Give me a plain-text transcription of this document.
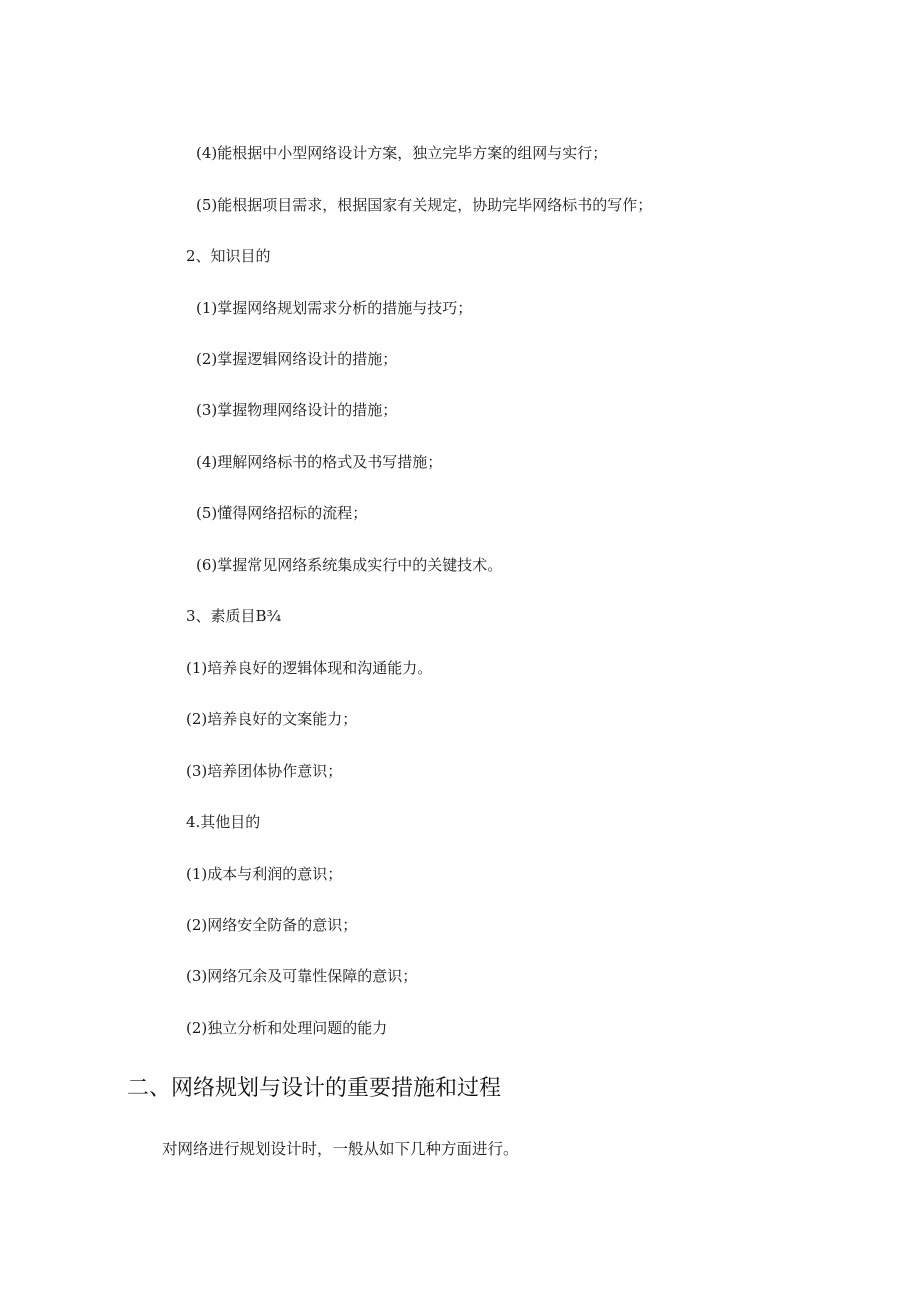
(4)能根据中小型网络设计方案，独立完毕方案的组网与实行；
(5)能根据项目需求，根据国家有关规定，协助完毕网络标书的写作；
2、知识目的
(1)掌握网络规划需求分析的措施与技巧；
(2)掌握逻辑网络设计的措施；
(3)掌握物理网络设计的措施；
(4)理解网络标书的格式及书写措施；
(5)懂得网络招标的流程；
(6)掌握常见网络系统集成实行中的关键技术。
3、素质目B¾
(1)培养良好的逻辑体现和沟通能力。
(2)培养良好的文案能力；
(3)培养团体协作意识；
4.其他目的
(1)成本与利润的意识；
(2)网络安全防备的意识；
(3)网络冗余及可靠性保障的意识；
(2)独立分析和处理问题的能力
二、网络规划与设计的重要措施和过程
对网络进行规划设计时，一般从如下几种方面进行。
